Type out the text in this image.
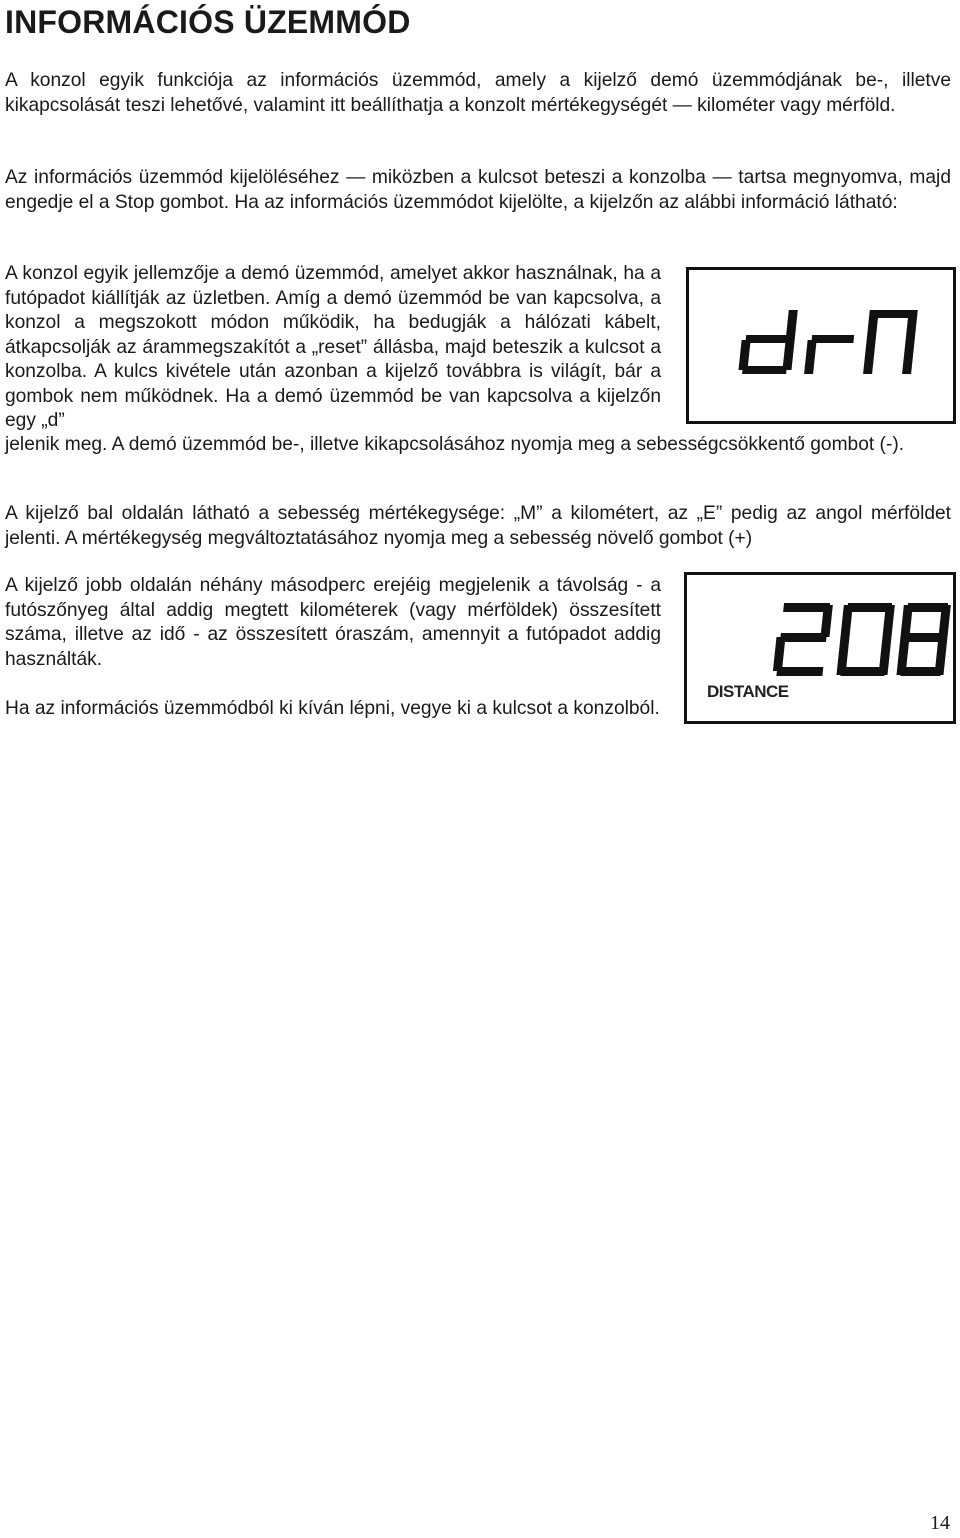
INFORMÁCIÓS ÜZEMMÓD

A konzol egyik funkciója az információs üzemmód, amely a kijelző demó üzemmódjának be-, illetve kikapcsolását teszi lehetővé, valamint itt beállíthatja a konzolt mértékegységét — kilométer vagy mérföld.

Az információs üzemmód kijelöléséhez — miközben a kulcsot beteszi a konzolba — tartsa megnyomva, majd engedje el a Stop gombot. Ha az információs üzemmódot kijelölte, a kijelzőn az alábbi információ látható:

A konzol egyik jellemzője a demó üzemmód, amelyet akkor használnak, ha a futópadot kiállítják az üzletben. Amíg a demó üzemmód be van kapcsolva, a konzol a megszokott módon működik, ha bedugják a hálózati kábelt, átkapcsolják az árammegszakítót a „reset” állásba, majd beteszik a kulcsot a konzolba. A kulcs kivétele után azonban a kijelző továbbra is világít, bár a gombok nem működnek. Ha a demó üzemmód be van kapcsolva a kijelzőn egy „d”

jelenik meg. A demó üzemmód be-, illetve kikapcsolásához nyomja meg a sebességcsökkentő gombot (-).

A kijelző bal oldalán látható a sebesség mértékegysége: „M” a kilométert, az „E” pedig az angol mérföldet jelenti. A mértékegység megváltoztatásához nyomja meg a sebesség növelő gombot (+)

A kijelző jobb oldalán néhány másodperc erejéig megjelenik a távolság - a futószőnyeg által addig megtett kilométerek (vagy mérföldek) összesített száma, illetve az idő - az összesített óraszám, amennyit a futópadot addig használták.

DISTANCE

Ha az információs üzemmódból ki kíván lépni, vegye ki a kulcsot a konzolból.

14
